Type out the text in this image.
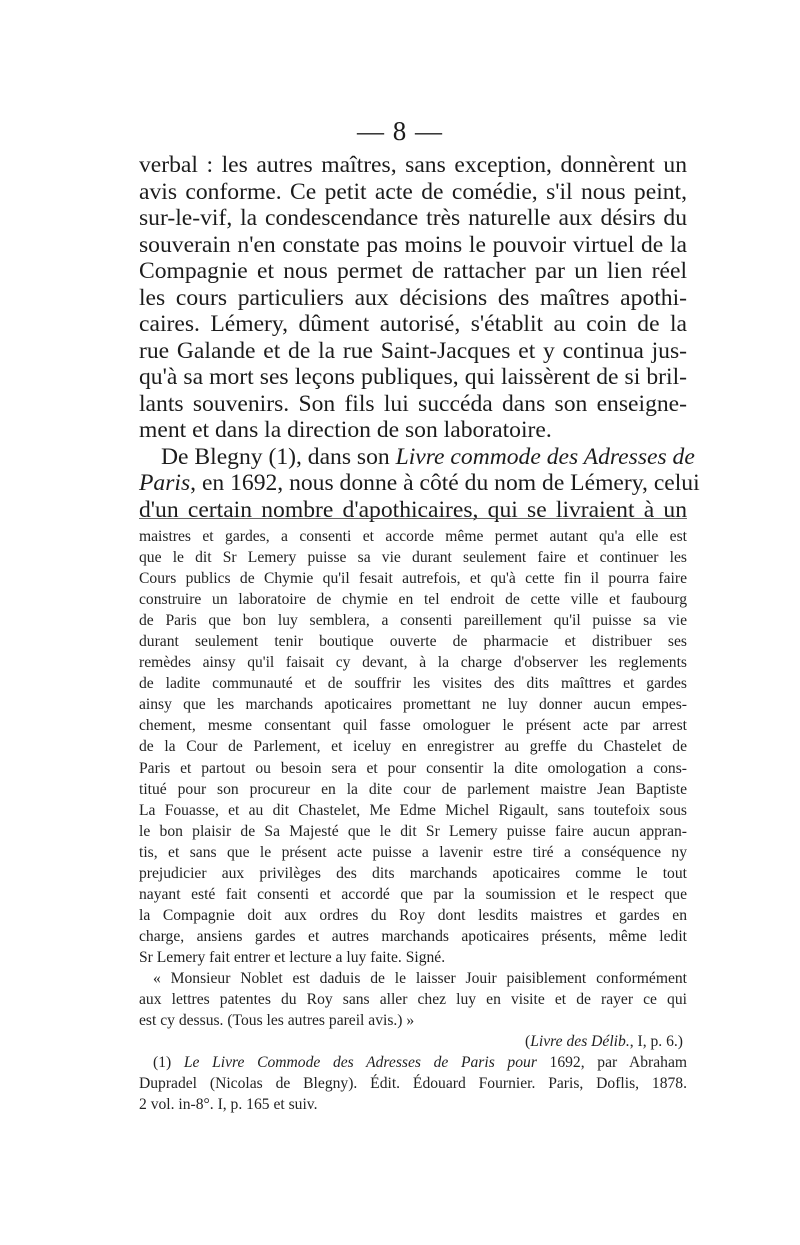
— 8 —
verbal : les autres maîtres, sans exception, donnèrent un
avis conforme. Ce petit acte de comédie, s'il nous peint,
sur-le-vif, la condescendance très naturelle aux désirs du
souverain n'en constate pas moins le pouvoir virtuel de la
Compagnie et nous permet de rattacher par un lien réel
les cours particuliers aux décisions des maîtres apothi-
caires. Lémery, dûment autorisé, s'établit au coin de la
rue Galande et de la rue Saint-Jacques et y continua jus-
qu'à sa mort ses leçons publiques, qui laissèrent de si bril-
lants souvenirs. Son fils lui succéda dans son enseigne-
ment et dans la direction de son laboratoire.
De Blegny (1), dans son Livre commode des Adresses de
Paris, en 1692, nous donne à côté du nom de Lémery, celui
d'un certain nombre d'apothicaires, qui se livraient à un
maistres et gardes, a consenti et accorde même permet autant qu'a elle est
que le dit Sr Lemery puisse sa vie durant seulement faire et continuer les
Cours publics de Chymie qu'il fesait autrefois, et qu'à cette fin il pourra faire
construire un laboratoire de chymie en tel endroit de cette ville et faubourg
de Paris que bon luy semblera, a consenti pareillement qu'il puisse sa vie
durant seulement tenir boutique ouverte de pharmacie et distribuer ses
remèdes ainsy qu'il faisait cy devant, à la charge d'observer les reglements
de ladite communauté et de souffrir les visites des dits maîttres et gardes
ainsy que les marchands apoticaires promettant ne luy donner aucun empes-
chement, mesme consentant quil fasse omologuer le présent acte par arrest
de la Cour de Parlement, et iceluy en enregistrer au greffe du Chastelet de
Paris et partout ou besoin sera et pour consentir la dite omologation a cons-
titué pour son procureur en la dite cour de parlement maistre Jean Baptiste
La Fouasse, et au dit Chastelet, Me Edme Michel Rigault, sans toutefoix sous
le bon plaisir de Sa Majesté que le dit Sr Lemery puisse faire aucun appran-
tis, et sans que le présent acte puisse a lavenir estre tiré a conséquence ny
prejudicier aux privilèges des dits marchands apoticaires comme le tout
nayant esté fait consenti et accordé que par la soumission et le respect que
la Compagnie doit aux ordres du Roy dont lesdits maistres et gardes en
charge, ansiens gardes et autres marchands apoticaires présents, même ledit
Sr Lemery fait entrer et lecture a luy faite. Signé.
« Monsieur Noblet est daduis de le laisser Jouir paisiblement conformément
aux lettres patentes du Roy sans aller chez luy en visite et de rayer ce qui
est cy dessus. (Tous les autres pareil avis.) »
(Livre des Délib., I, p. 6.)
(1) Le Livre Commode des Adresses de Paris pour 1692, par Abraham
Dupradel (Nicolas de Blegny). Édit. Édouard Fournier. Paris, Doflis, 1878.
2 vol. in-8°. I, p. 165 et suiv.
